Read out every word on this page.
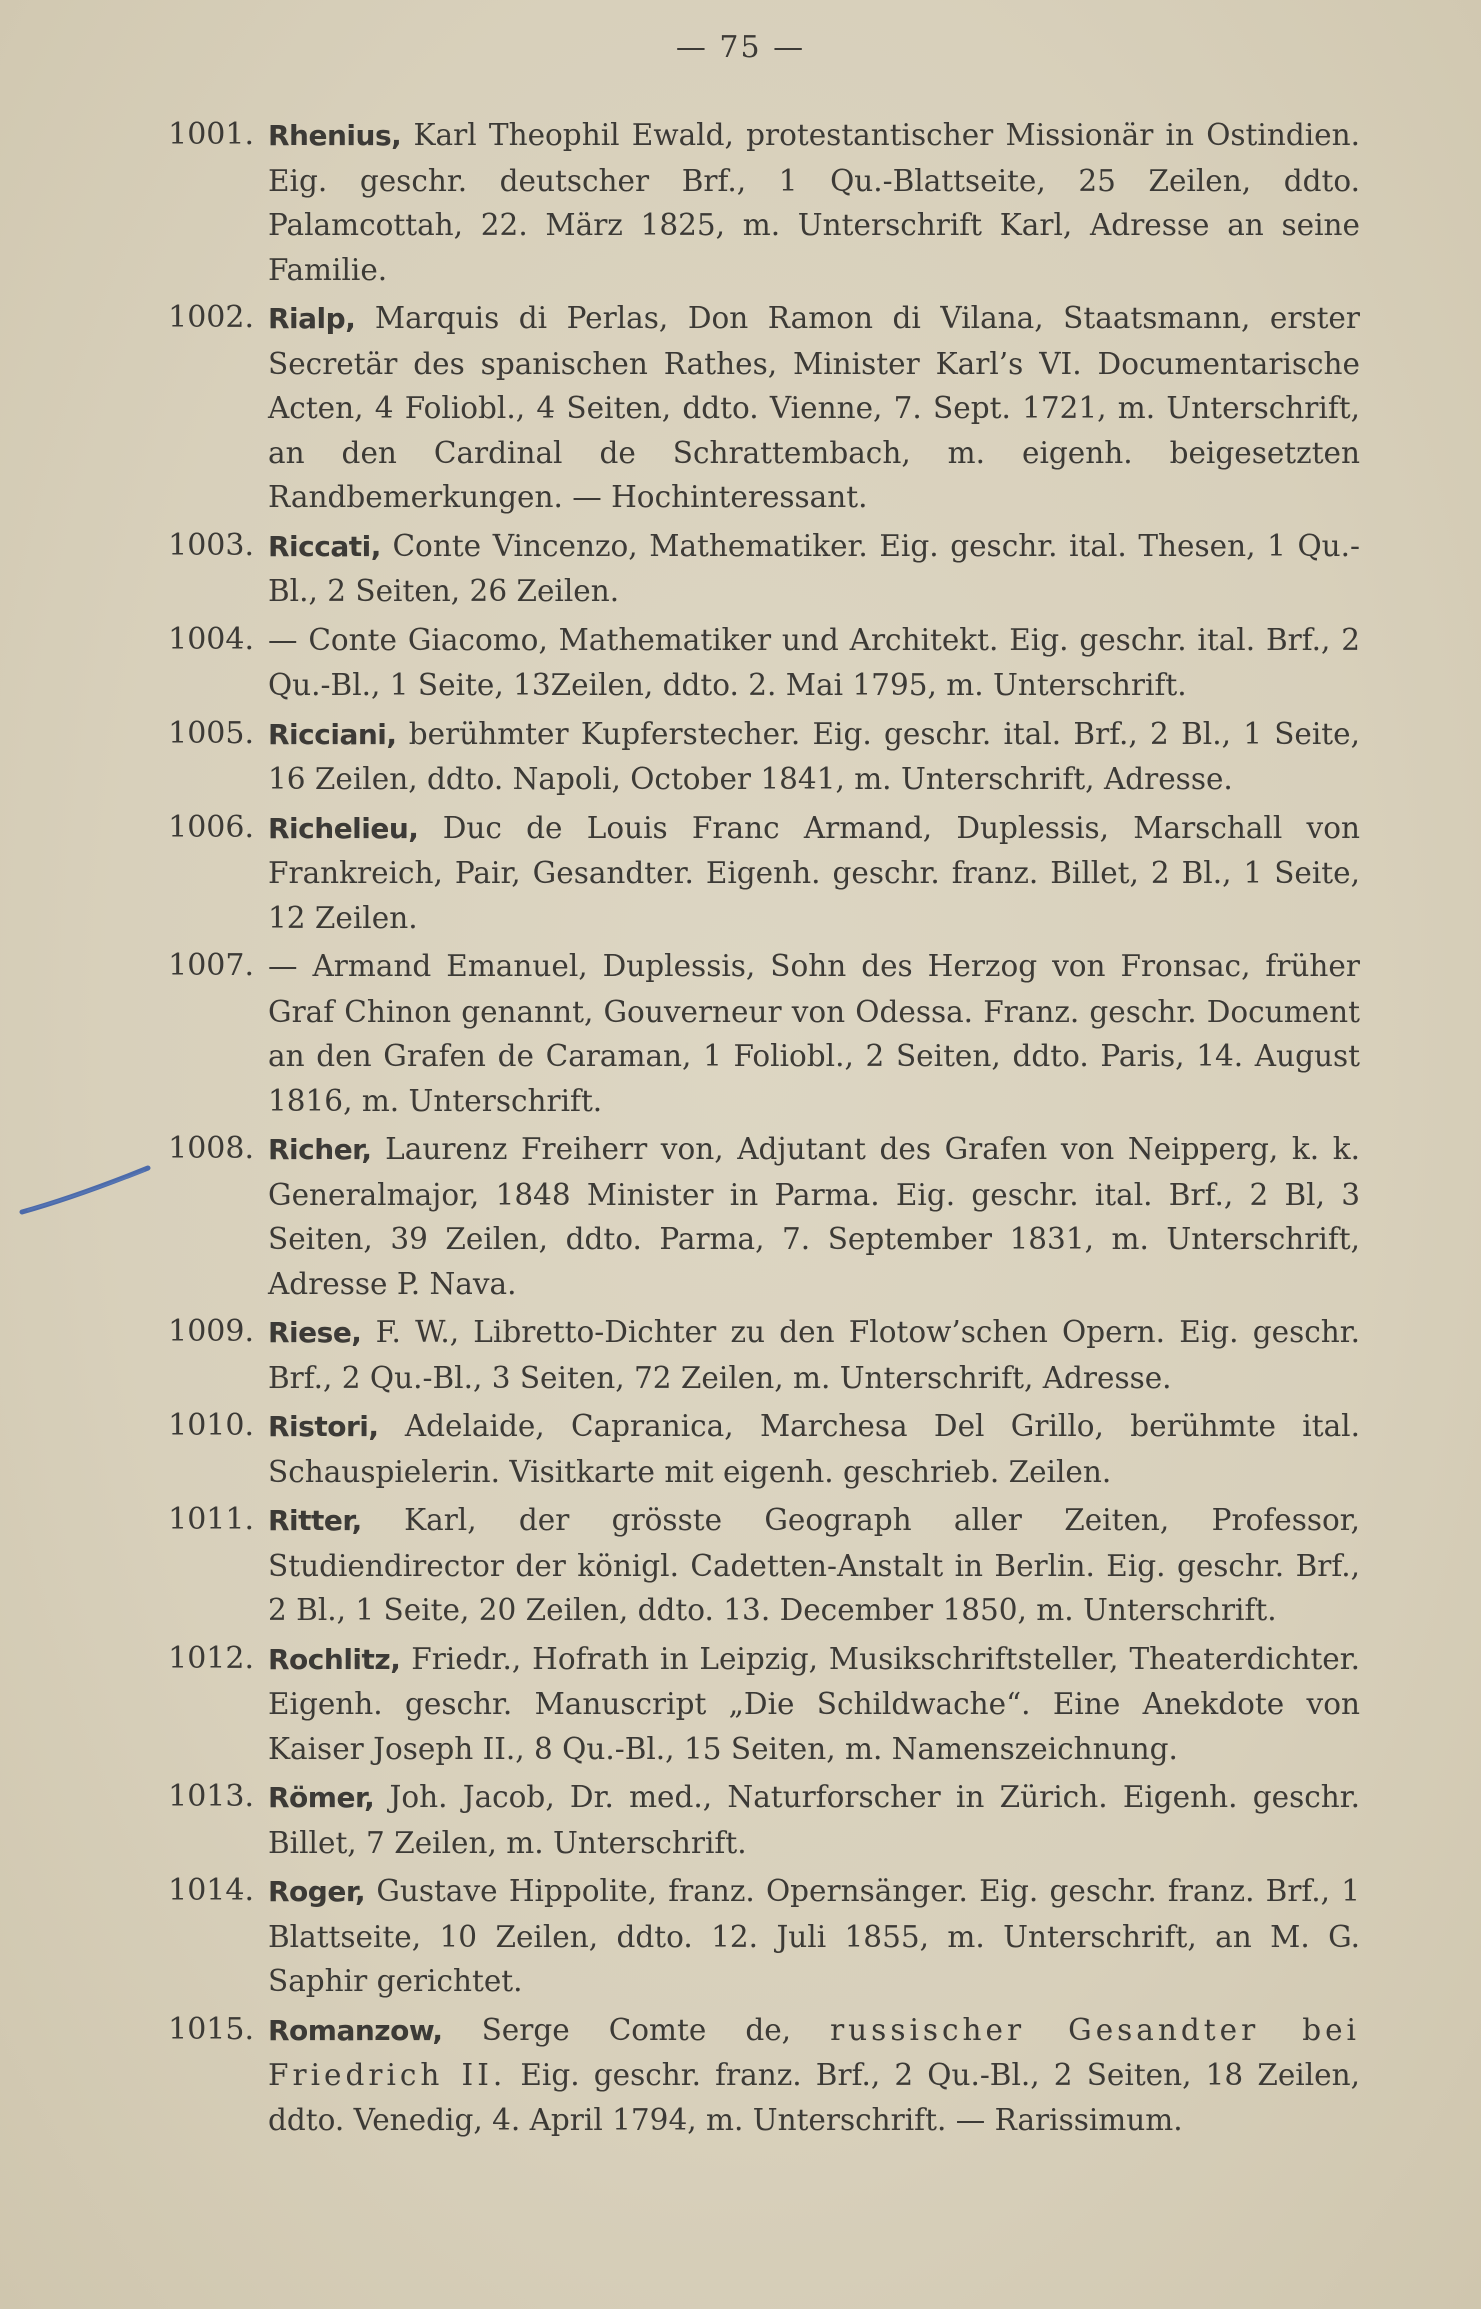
— 75 —
1001. Rhenius, Karl Theophil Ewald, protestantischer Missionär in Ostindien. Eig. geschr. deutscher Brf., 1 Qu.-Blattseite, 25 Zeilen, ddto. Palamcottah, 22. März 1825, m. Unterschrift Karl, Adresse an seine Familie.
1002. Rialp, Marquis di Perlas, Don Ramon di Vilana, Staatsmann, erster Secretär des spanischen Rathes, Minister Karl’s VI. Documentarische Acten, 4 Foliobl., 4 Seiten, ddto. Vienne, 7. Sept. 1721, m. Unterschrift, an den Cardinal de Schrattembach, m. eigenh. beigesetzten Randbemerkungen. — Hochinteressant.
1003. Riccati, Conte Vincenzo, Mathematiker. Eig. geschr. ital. Thesen, 1 Qu.-Bl., 2 Seiten, 26 Zeilen.
1004. — Conte Giacomo, Mathematiker und Architekt. Eig. geschr. ital. Brf., 2 Qu.-Bl., 1 Seite, 13Zeilen, ddto. 2. Mai 1795, m. Unterschrift.
1005. Ricciani, berühmter Kupferstecher. Eig. geschr. ital. Brf., 2 Bl., 1 Seite, 16 Zeilen, ddto. Napoli, October 1841, m. Unterschrift, Adresse.
1006. Richelieu, Duc de Louis Franc Armand, Duplessis, Marschall von Frankreich, Pair, Gesandter. Eigenh. geschr. franz. Billet, 2 Bl., 1 Seite, 12 Zeilen.
1007. — Armand Emanuel, Duplessis, Sohn des Herzog von Fronsac, früher Graf Chinon genannt, Gouverneur von Odessa. Franz. geschr. Document an den Grafen de Caraman, 1 Foliobl., 2 Seiten, ddto. Paris, 14. August 1816, m. Unterschrift.
1008. Richer, Laurenz Freiherr von, Adjutant des Grafen von Neipperg, k. k. Generalmajor, 1848 Minister in Parma. Eig. geschr. ital. Brf., 2 Bl, 3 Seiten, 39 Zeilen, ddto. Parma, 7. September 1831, m. Unterschrift, Adresse P. Nava.
1009. Riese, F. W., Libretto-Dichter zu den Flotow’schen Opern. Eig. geschr. Brf., 2 Qu.-Bl., 3 Seiten, 72 Zeilen, m. Unterschrift, Adresse.
1010. Ristori, Adelaide, Capranica, Marchesa Del Grillo, berühmte ital. Schauspielerin. Visitkarte mit eigenh. geschrieb. Zeilen.
1011. Ritter, Karl, der grösste Geograph aller Zeiten, Professor, Studiendirector der königl. Cadetten-Anstalt in Berlin. Eig. geschr. Brf., 2 Bl., 1 Seite, 20 Zeilen, ddto. 13. December 1850, m. Unterschrift.
1012. Rochlitz, Friedr., Hofrath in Leipzig, Musikschriftsteller, Theaterdichter. Eigenh. geschr. Manuscript „Die Schildwache“. Eine Anekdote von Kaiser Joseph II., 8 Qu.-Bl., 15 Seiten, m. Namenszeichnung.
1013. Römer, Joh. Jacob, Dr. med., Naturforscher in Zürich. Eigenh. geschr. Billet, 7 Zeilen, m. Unterschrift.
1014. Roger, Gustave Hippolite, franz. Opernsänger. Eig. geschr. franz. Brf., 1 Blattseite, 10 Zeilen, ddto. 12. Juli 1855, m. Unterschrift, an M. G. Saphir gerichtet.
1015. Romanzow, Serge Comte de, russischer Gesandter bei Friedrich II. Eig. geschr. franz. Brf., 2 Qu.-Bl., 2 Seiten, 18 Zeilen, ddto. Venedig, 4. April 1794, m. Unterschrift. — Rarissimum.
